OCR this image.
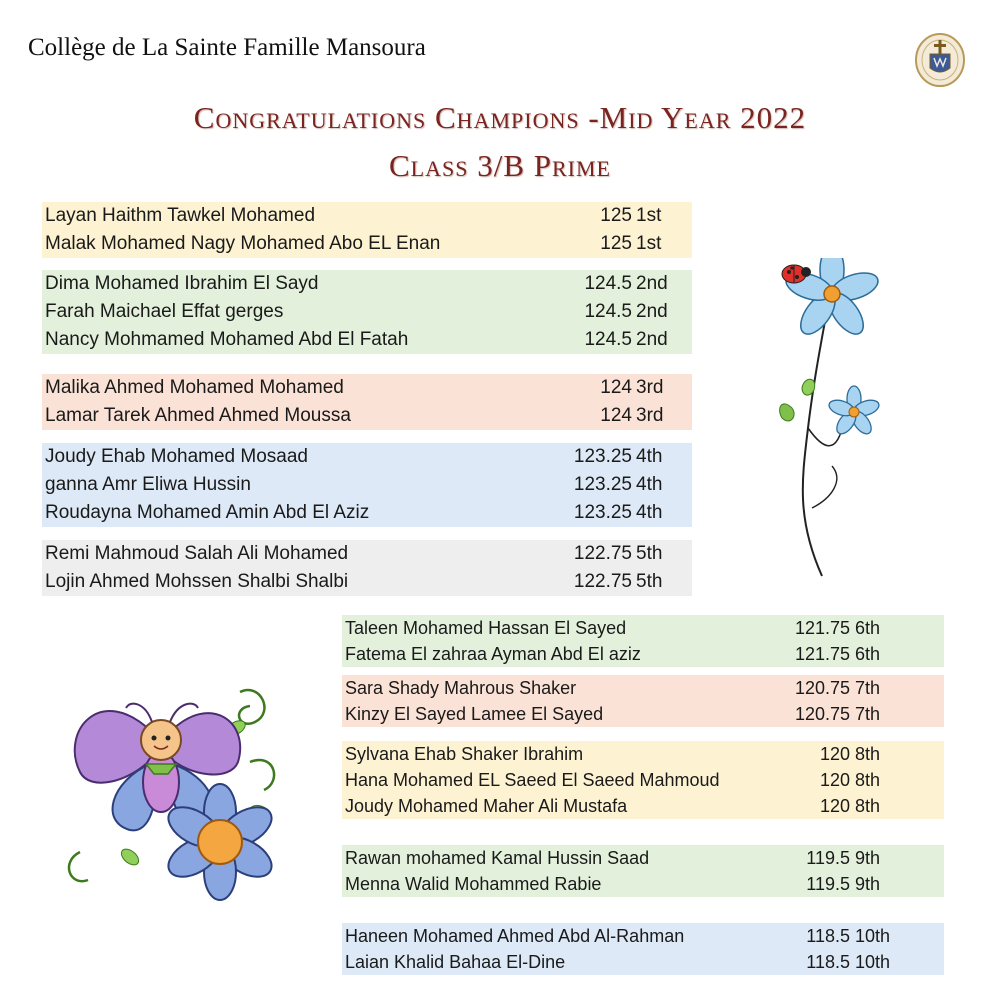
Collège de La Sainte Famille Mansoura
Congratulations Champions -Mid Year 2022
Class 3/B Prime
Layan Haithm Tawkel Mohamed	125 1st
Malak Mohamed Nagy Mohamed Abo EL Enan	125 1st
Dima Mohamed Ibrahim El Sayd	124.5 2nd
Farah Maichael Effat gerges	124.5 2nd
Nancy Mohmamed Mohamed Abd El Fatah	124.5 2nd
Malika Ahmed Mohamed Mohamed	124 3rd
Lamar Tarek Ahmed Ahmed Moussa	124 3rd
Joudy Ehab Mohamed Mosaad	123.25 4th
ganna Amr Eliwa Hussin	123.25 4th
Roudayna Mohamed Amin Abd El Aziz	123.25 4th
Remi Mahmoud Salah Ali Mohamed	122.75 5th
Lojin Ahmed Mohssen Shalbi Shalbi	122.75 5th
Taleen Mohamed Hassan El Sayed	121.75 6th
Fatema El zahraa Ayman Abd El aziz	121.75 6th
Sara Shady Mahrous Shaker	120.75 7th
Kinzy El Sayed Lamee El Sayed	120.75 7th
Sylvana Ehab Shaker Ibrahim	120 8th
Hana Mohamed EL Saeed El Saeed Mahmoud	120 8th
Joudy Mohamed Maher Ali Mustafa	120 8th
Rawan mohamed Kamal Hussin Saad	119.5 9th
Menna Walid Mohammed Rabie	119.5 9th
Haneen Mohamed Ahmed Abd Al-Rahman	118.5 10th
Laian Khalid Bahaa El-Dine	118.5 10th
